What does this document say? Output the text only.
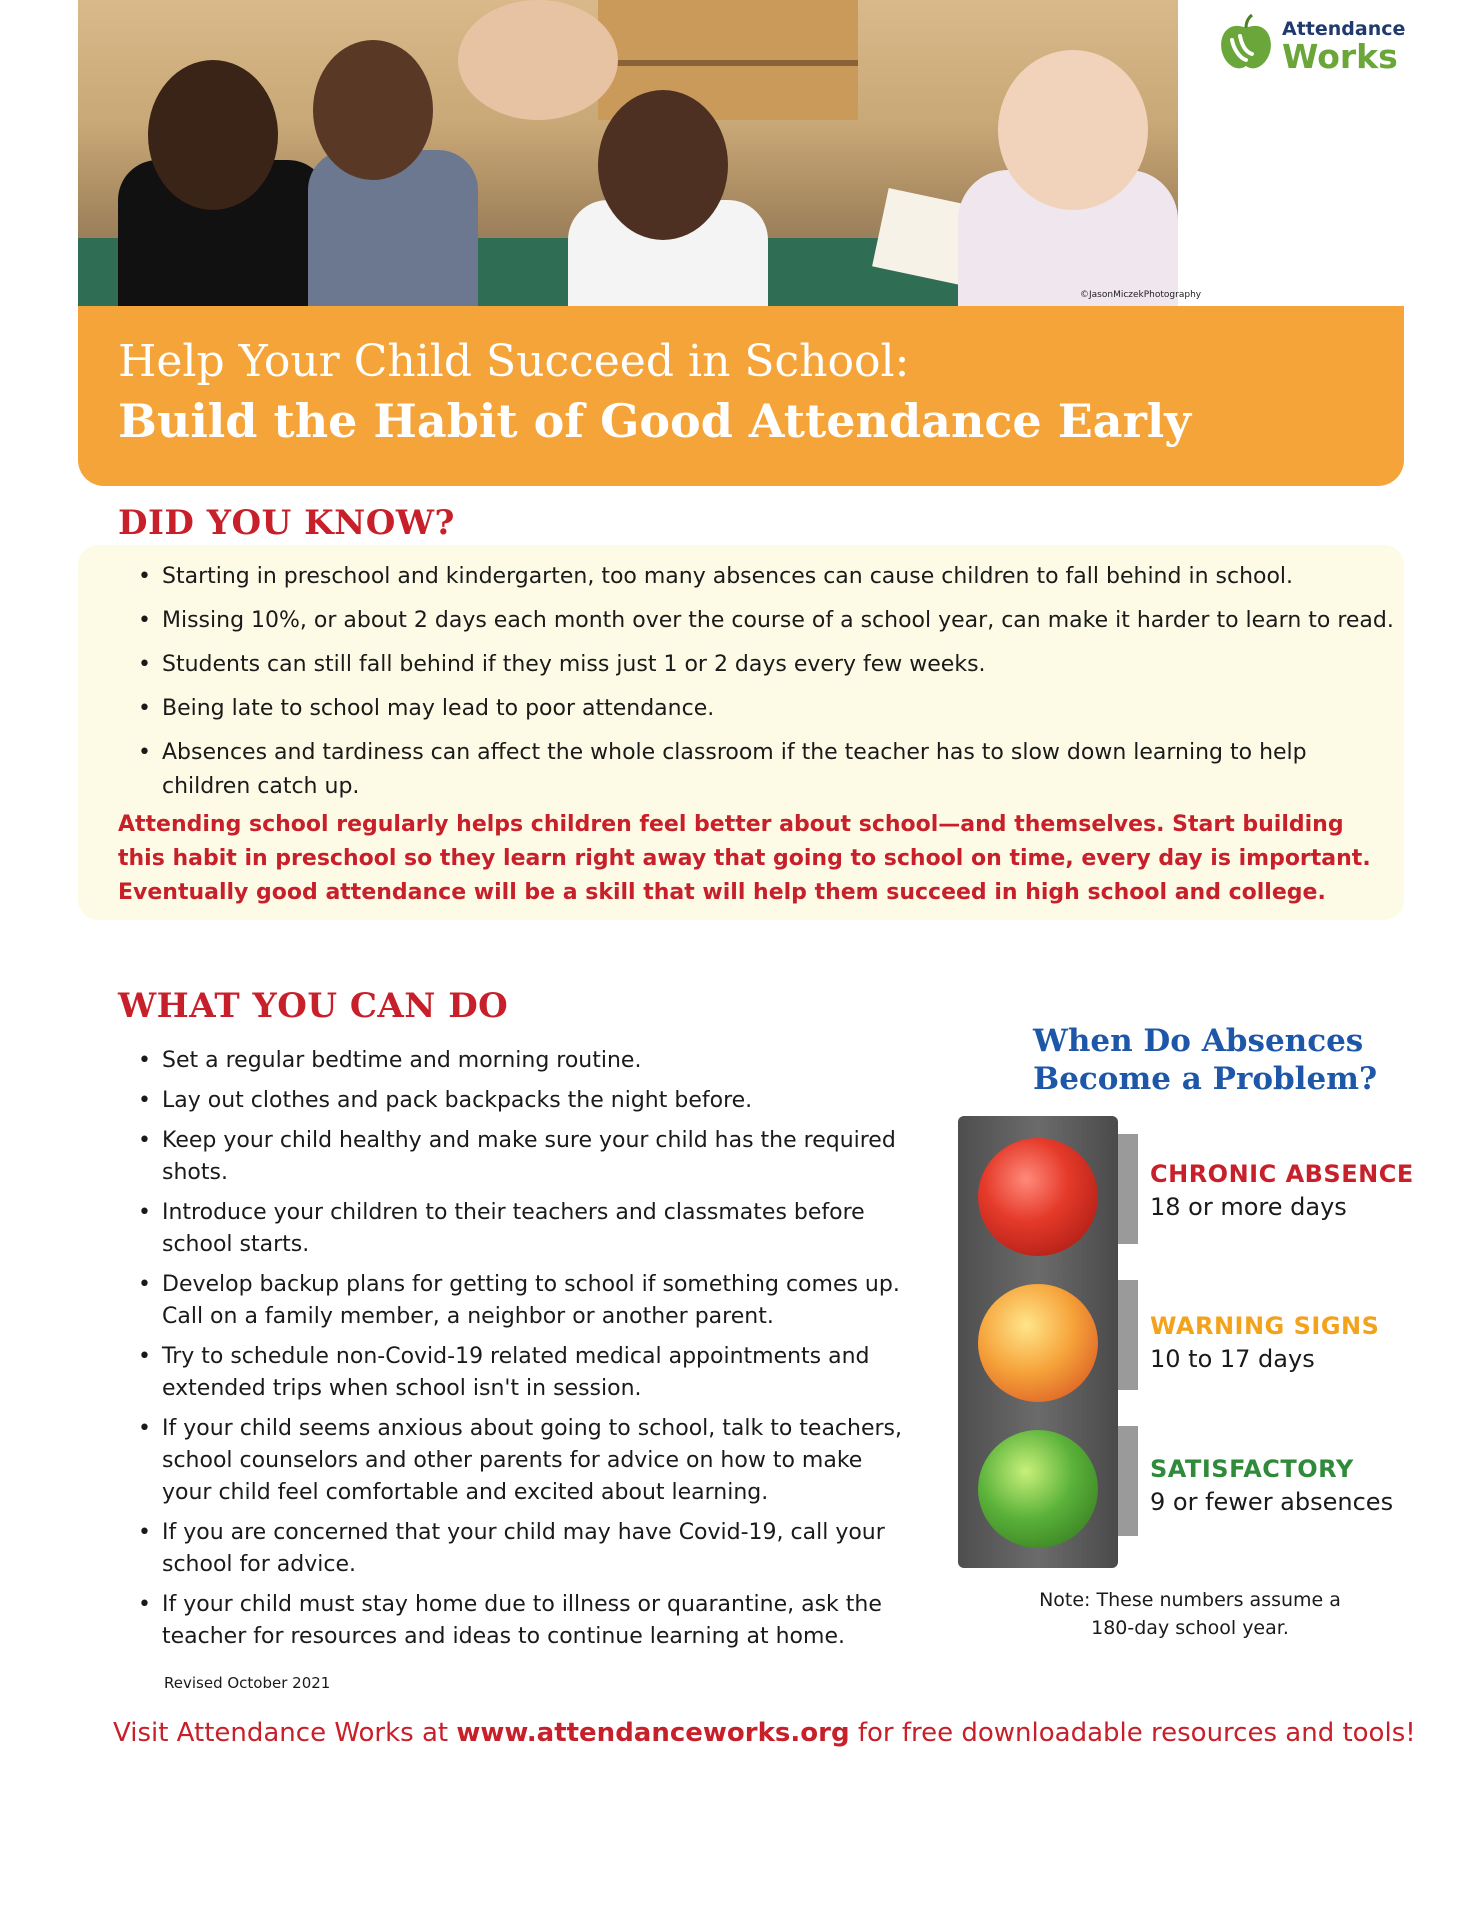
©JasonMiczekPhotography
Attendance
Works
Help Your Child Succeed in School:
Build the Habit of Good Attendance Early
DID YOU KNOW?
• Starting in preschool and kindergarten, too many absences can cause children to fall behind in school.
• Missing 10%, or about 2 days each month over the course of a school year, can make it harder to learn to read.
• Students can still fall behind if they miss just 1 or 2 days every few weeks.
• Being late to school may lead to poor attendance.
• Absences and tardiness can affect the whole classroom if the teacher has to slow down learning to help children catch up.
Attending school regularly helps children feel better about school—and themselves. Start building this habit in preschool so they learn right away that going to school on time, every day is important. Eventually good attendance will be a skill that will help them succeed in high school and college.
WHAT YOU CAN DO
• Set a regular bedtime and morning routine.
• Lay out clothes and pack backpacks the night before.
• Keep your child healthy and make sure your child has the required shots.
• Introduce your children to their teachers and classmates before school starts.
• Develop backup plans for getting to school if something comes up. Call on a family member, a neighbor or another parent.
• Try to schedule non-Covid-19 related medical appointments and extended trips when school isn't in session.
• If your child seems anxious about going to school, talk to teachers, school counselors and other parents for advice on how to make your child feel comfortable and excited about learning.
• If you are concerned that your child may have Covid-19, call your school for advice.
• If your child must stay home due to illness or quarantine, ask the teacher for resources and ideas to continue learning at home.
Revised October 2021
When Do Absences
Become a Problem?
CHRONIC ABSENCE
18 or more days
WARNING SIGNS
10 to 17 days
SATISFACTORY
9 or fewer absences
Note: These numbers assume a 180-day school year.
Visit Attendance Works at www.attendanceworks.org for free downloadable resources and tools!
